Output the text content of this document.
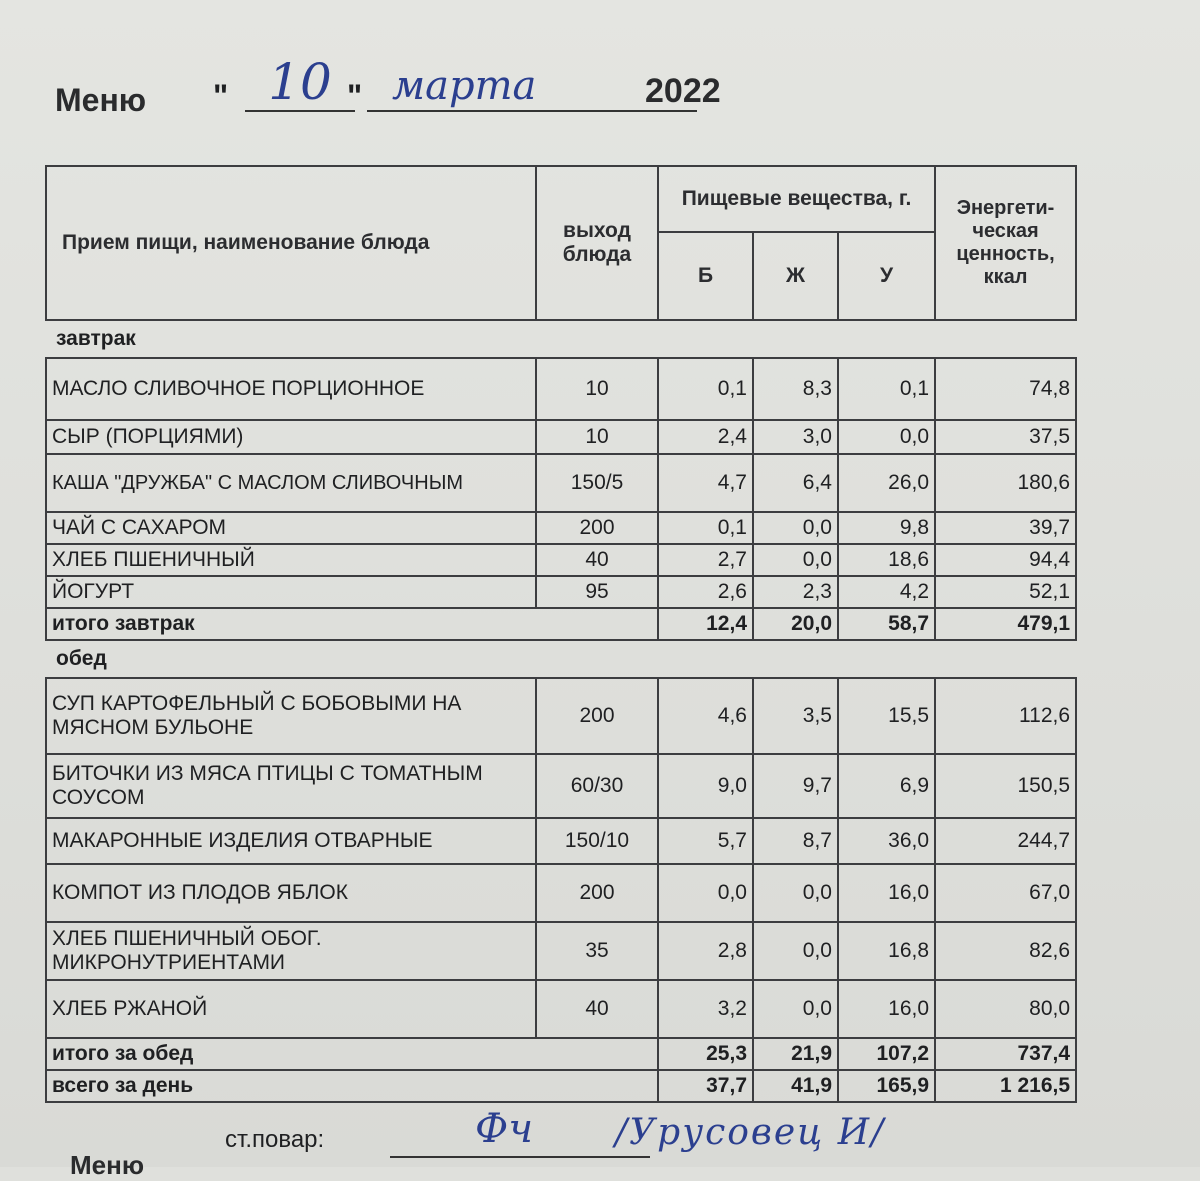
Меню " 10 " марта	2022
Прием пищи, наименование блюда	выход блюда	Пищевые вещества, г.			Энергети-ческая ценность, ккал
		Б	Ж	У	
завтрак					
МАСЛО СЛИВОЧНОЕ ПОРЦИОННОЕ	10	0,1	8,3	0,1	74,8
СЫР (ПОРЦИЯМИ)	10	2,4	3,0	0,0	37,5
КАША "ДРУЖБА" С МАСЛОМ СЛИВОЧНЫМ	150/5	4,7	6,4	26,0	180,6
ЧАЙ С САХАРОМ	200	0,1	0,0	9,8	39,7
ХЛЕБ ПШЕНИЧНЫЙ	40	2,7	0,0	18,6	94,4
ЙОГУРТ	95	2,6	2,3	4,2	52,1
итого завтрак		12,4	20,0	58,7	479,1
обед					
СУП КАРТОФЕЛЬНЫЙ С БОБОВЫМИ НА МЯСНОМ БУЛЬОНЕ	200	4,6	3,5	15,5	112,6
БИТОЧКИ ИЗ МЯСА ПТИЦЫ С ТОМАТНЫМ СОУСОМ	60/30	9,0	9,7	6,9	150,5
МАКАРОННЫЕ ИЗДЕЛИЯ ОТВАРНЫЕ	150/10	5,7	8,7	36,0	244,7
КОМПОТ ИЗ ПЛОДОВ ЯБЛОК	200	0,0	0,0	16,0	67,0
ХЛЕБ ПШЕНИЧНЫЙ ОБОГ. МИКРОНУТРИЕНТАМИ	35	2,8	0,0	16,8	82,6
ХЛЕБ РЖАНОЙ	40	3,2	0,0	16,0	80,0
итого за обед		25,3	21,9	107,2	737,4
всего за день		37,7	41,9	165,9	1 216,5
ст.повар:	Фч /Урусовец И/
Меню
